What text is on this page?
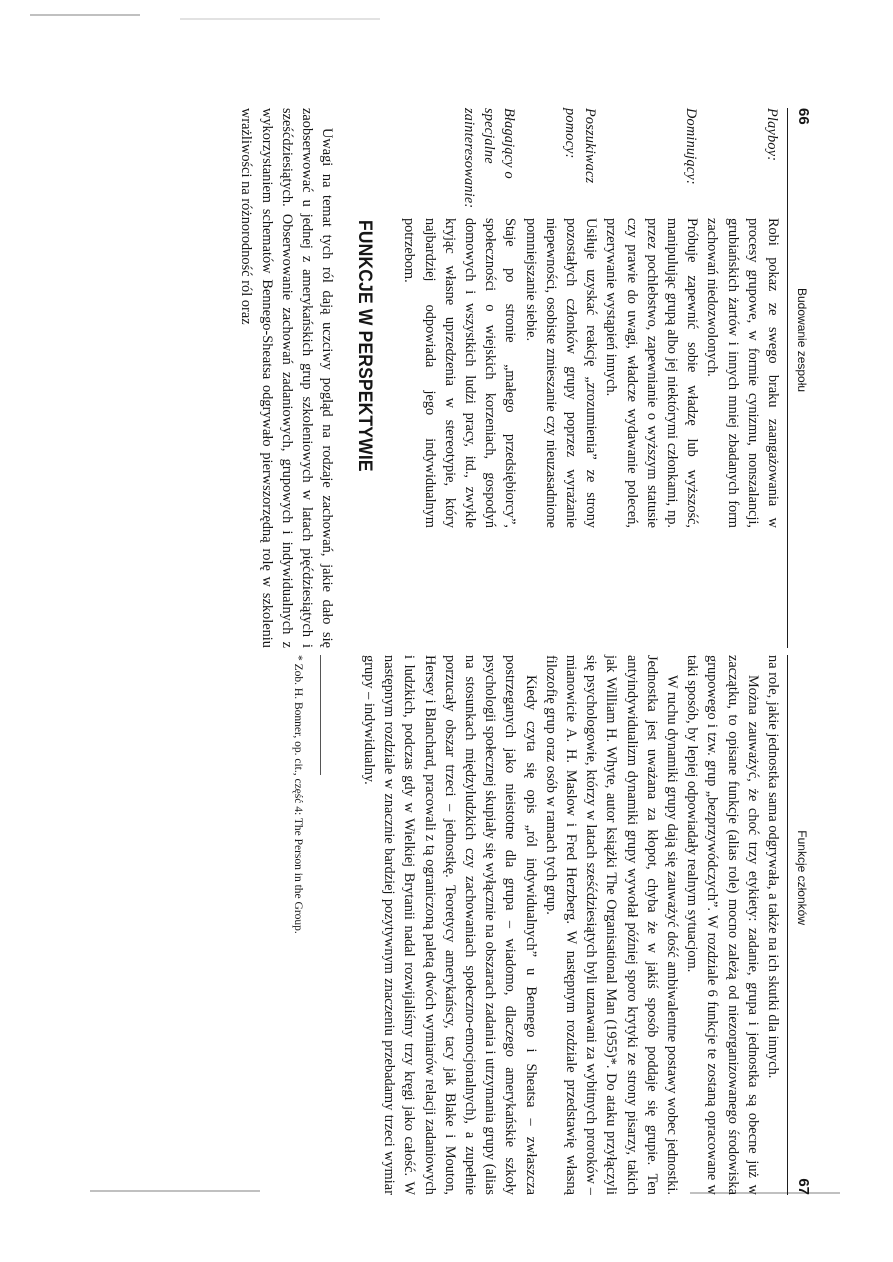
66
Budowanie zespołu
Playboy:
Robi pokaz ze swego braku zaangażowania w procesy grupowe, w formie cynizmu, nonszalancji, grubiańskich żartów i innych mniej zbadanych form zachowań niedozwolonych.
Dominujący:
Próbuje zapewnić sobie władzę lub wyższość, manipulując grupą albo jej niektórymi członkami, np. przez pochlebstwo, zapewnianie o wyższym statusie czy prawie do uwagi, władcze wydawanie poleceń, przerywanie wystąpień innych.
Poszukiwacz pomocy:
Usiłuje uzyskać reakcję „zrozumienia” ze strony pozostałych członków grupy poprzez wyrażanie niepewności, osobiste zmieszanie czy nieuzasadnione pomniejszanie siebie.
Błagający o specjalne zainteresowanie:
Staje po stronie „małego przedsiębiorcy”, społeczności o wiejskich korzeniach, gospodyń domowych i wszystkich ludzi pracy, itd., zwykle kryjąc własne uprzedzenia w stereotypie, który najbardziej odpowiada jego indywidualnym potrzebom.
FUNKCJE W PERSPEKTYWIE

Uwagi na temat tych ról dają uczciwy pogląd na rodzaje zachowań, jakie dało się zaobserwować u jednej z amerykańskich grup szkoleniowych w latach pięćdziesiątych i sześćdziesiątych. Obserwowanie zachowań zadaniowych, grupowych i indywidualnych z wykorzystaniem schematów Bennego-Sheatsa odgrywało pierwszorzędną rolę w szkoleniu wrażliwości na różnorodność ról oraz

Funkcje członków
67

na role, jakie jednostka sama odgrywała, a także na ich skutki dla innych.

Można zauważyć, że choć trzy etykiety: zadanie, grupa i jednostka są obecne już w zaczątku, to opisane funkcje (alias role) mocno zależą od niezorganizowanego środowiska grupowego i tzw. grup „bezprzywódczych”. W rozdziale 6 funkcje te zostaną opracowane w taki sposób, by lepiej odpowiadały realnym sytuacjom.

W ruchu dynamiki grupy dają się zauważyć dość ambiwalentne postawy wobec jednostki. Jednostka jest uważana za kłopot, chyba że w jakiś sposób poddaje się grupie. Ten antyindywidualizm dynamiki grupy wywołał później sporo krytyki ze strony pisarzy, takich jak William H. Whyte, autor książki The Organisational Man (1955)*. Do ataku przyłączyli się psychologowie, którzy w latach sześćdziesiątych byli uznawani za wybitnych proroków – mianowicie A. H. Maslow i Fred Herzberg. W następnym rozdziale przedstawię własną filozofię grup oraz osób w ramach tych grup.

Kiedy czyta się opis „ról indywidualnych” u Bennego i Sheatsa – zwłaszcza postrzeganych jako nieistotne dla grupa – wiadomo, dlaczego amerykańskie szkoły psychologii społecznej skupiały się wyłącznie na obszarach zadania i utrzymania grupy (alias na stosunkach międzyludzkich czy zachowaniach społeczno-emocjonalnych), a zupełnie porzucały obszar trzeci – jednostkę. Teoretycy amerykańscy, tacy jak Blake i Mouton, Hersey i Blanchard, pracowali z tą ograniczoną paletą dwóch wymiarów relacji zadaniowych i ludzkich, podczas gdy w Wielkiej Brytanii nadal rozwijaliśmy trzy kręgi jako całość. W następnym rozdziale w znacznie bardziej pozytywnym znaczeniu przebadamy trzeci wymiar grupy – indywidualny.

* Zob. H. Bonner, op. cit., część 4: The Person in the Group.
